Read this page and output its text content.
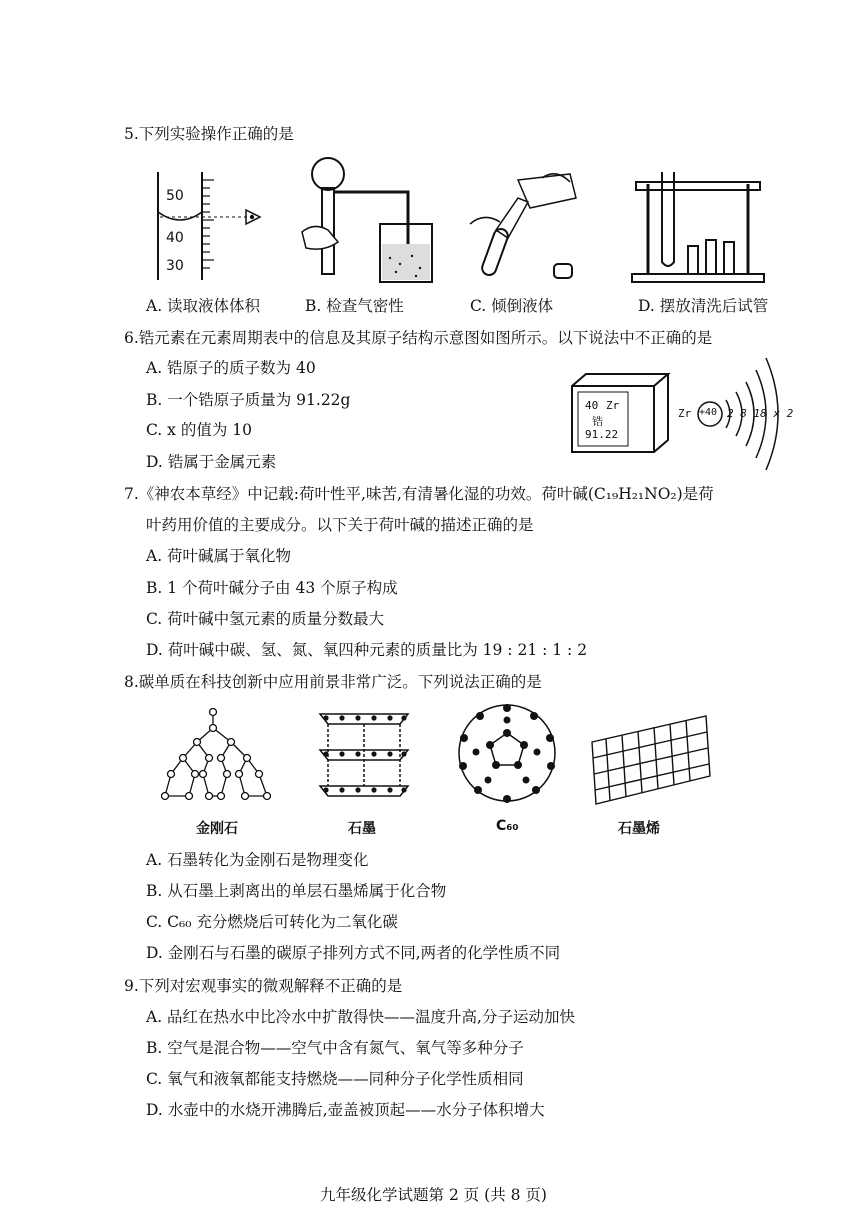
5.下列实验操作正确的是
50
40
30
A. 读取液体体积	B. 检查气密性	C. 倾倒液体	D. 摆放清洗后试管
6.锆元素在元素周期表中的信息及其原子结构示意图如图所示。以下说法中不正确的是
A. 锆原子的质子数为 40
B. 一个锆原子质量为 91.22g
C. x 的值为 10
D. 锆属于金属元素
40 Zr
锆
91.22
Zr +40 2 8 18 x 2
7.《神农本草经》中记载:荷叶性平,味苦,有清暑化湿的功效。荷叶碱(C₁₉H₂₁NO₂)是荷
叶药用价值的主要成分。以下关于荷叶碱的描述正确的是
A. 荷叶碱属于氧化物
B. 1 个荷叶碱分子由 43 个原子构成
C. 荷叶碱中氢元素的质量分数最大
D. 荷叶碱中碳、氢、氮、氧四种元素的质量比为 19 : 21 : 1 : 2
8.碳单质在科技创新中应用前景非常广泛。下列说法正确的是
金刚石	石墨	C₆₀	石墨烯
A. 石墨转化为金刚石是物理变化
B. 从石墨上剥离出的单层石墨烯属于化合物
C. C₆₀ 充分燃烧后可转化为二氧化碳
D. 金刚石与石墨的碳原子排列方式不同,两者的化学性质不同
9.下列对宏观事实的微观解释不正确的是
A. 品红在热水中比冷水中扩散得快——温度升高,分子运动加快
B. 空气是混合物——空气中含有氮气、氧气等多种分子
C. 氧气和液氧都能支持燃烧——同种分子化学性质相同
D. 水壶中的水烧开沸腾后,壶盖被顶起——水分子体积增大
九年级化学试题第 2 页 (共 8 页)
